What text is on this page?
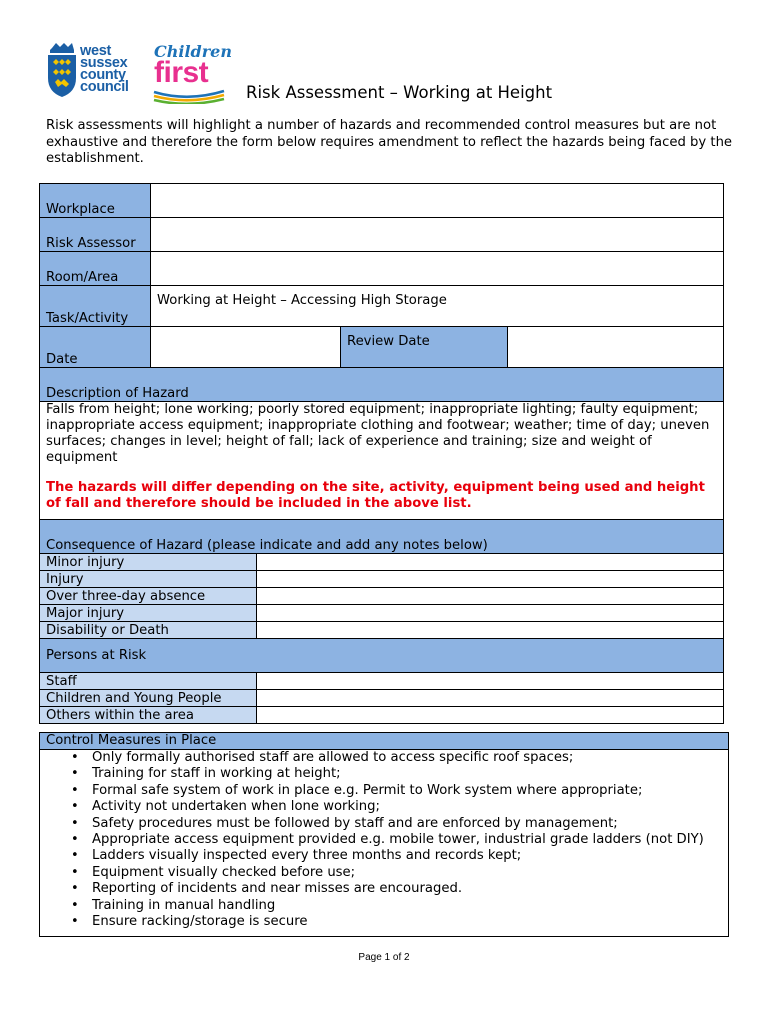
west
sussex
county
council
Children
first
Risk Assessment – Working at Height
Risk assessments will highlight a number of hazards and recommended control measures but are not exhaustive and therefore the form below requires amendment to reflect the hazards being faced by the establishment.
Workplace				
Risk Assessor				
Room/Area				
Task/Activity	Working at Height – Accessing High Storage			
Date			Review Date	
Description of Hazard				

Falls from height; lone working; poorly stored equipment; inappropriate lighting; faulty equipment; inappropriate access equipment; inappropriate clothing and footwear; weather; time of day; uneven surfaces; changes in level; height of fall; lack of experience and training; size and weight of equipment
The hazards will differ depending on the site, activity, equipment being used and height of fall and therefore should be included in the above list.				

Consequence of Hazard (please indicate and add any notes below)				
Minor injury				
Injury				
Over three-day absence				
Major injury				
Disability or Death				
Persons at Risk				
Staff				
Children and Young People				
Others within the area				
Control Measures in Place

• Only formally authorised staff are allowed to access specific roof spaces;
• Training for staff in working at height;
• Formal safe system of work in place e.g. Permit to Work system where appropriate;
• Activity not undertaken when lone working;
• Safety procedures must be followed by staff and are enforced by management;
• Appropriate access equipment provided e.g. mobile tower, industrial grade ladders (not DIY)
• Ladders visually inspected every three months and records kept;
• Equipment visually checked before use;
• Reporting of incidents and near misses are encouraged.
• Training in manual handling
• Ensure racking/storage is secure
Page 1 of 2
